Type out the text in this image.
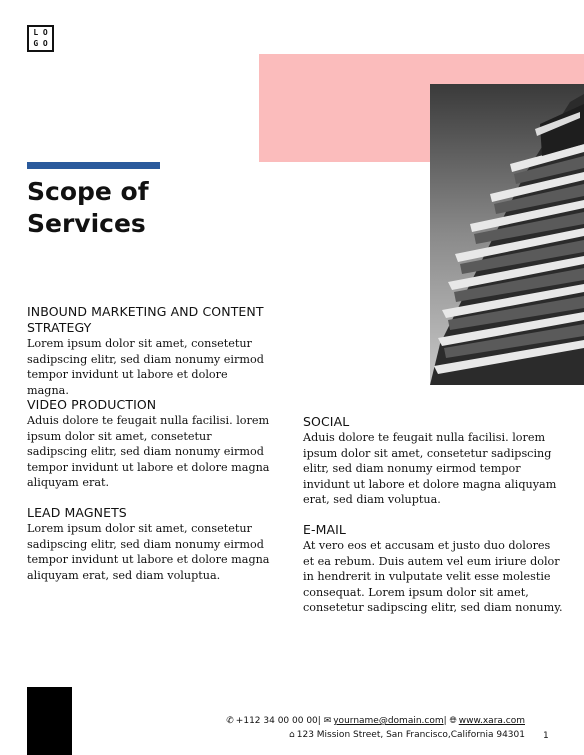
L O
G O
Scope of Services
INBOUND MARKETING AND CONTENT STRATEGY

Lorem ipsum dolor sit amet, consetetur sadipscing elitr, sed diam nonumy eirmod tempor invidunt ut labore et dolore magna.

VIDEO PRODUCTION

Aduis dolore te feugait nulla facilisi. lorem ipsum dolor sit amet, consetetur sadipscing elitr, sed diam nonumy eirmod tempor invidunt ut labore et dolore magna aliquyam erat.

LEAD MAGNETS

Lorem ipsum dolor sit amet, consetetur sadipscing elitr, sed diam nonumy eirmod tempor invidunt ut labore et dolore magna aliquyam erat, sed diam voluptua.

SOCIAL

Aduis dolore te feugait nulla facilisi. lorem ipsum dolor sit amet, consetetur sadipscing elitr, sed diam nonumy eirmod tempor invidunt ut labore et dolore magna aliquyam erat, sed diam voluptua.

E-MAIL

At vero eos et accusam et justo duo dolores et ea rebum. Duis autem vel eum iriure dolor in hendrerit in vulputate velit esse molestie consequat. Lorem ipsum dolor sit amet, consetetur sadipscing elitr, sed diam nonumy.

✆ +112 34 00 00 00| ✉ yourname@domain.com| 🌐︎ www.xara.com
⌂ 123 Mission Street, San Francisco,California 94301 1
